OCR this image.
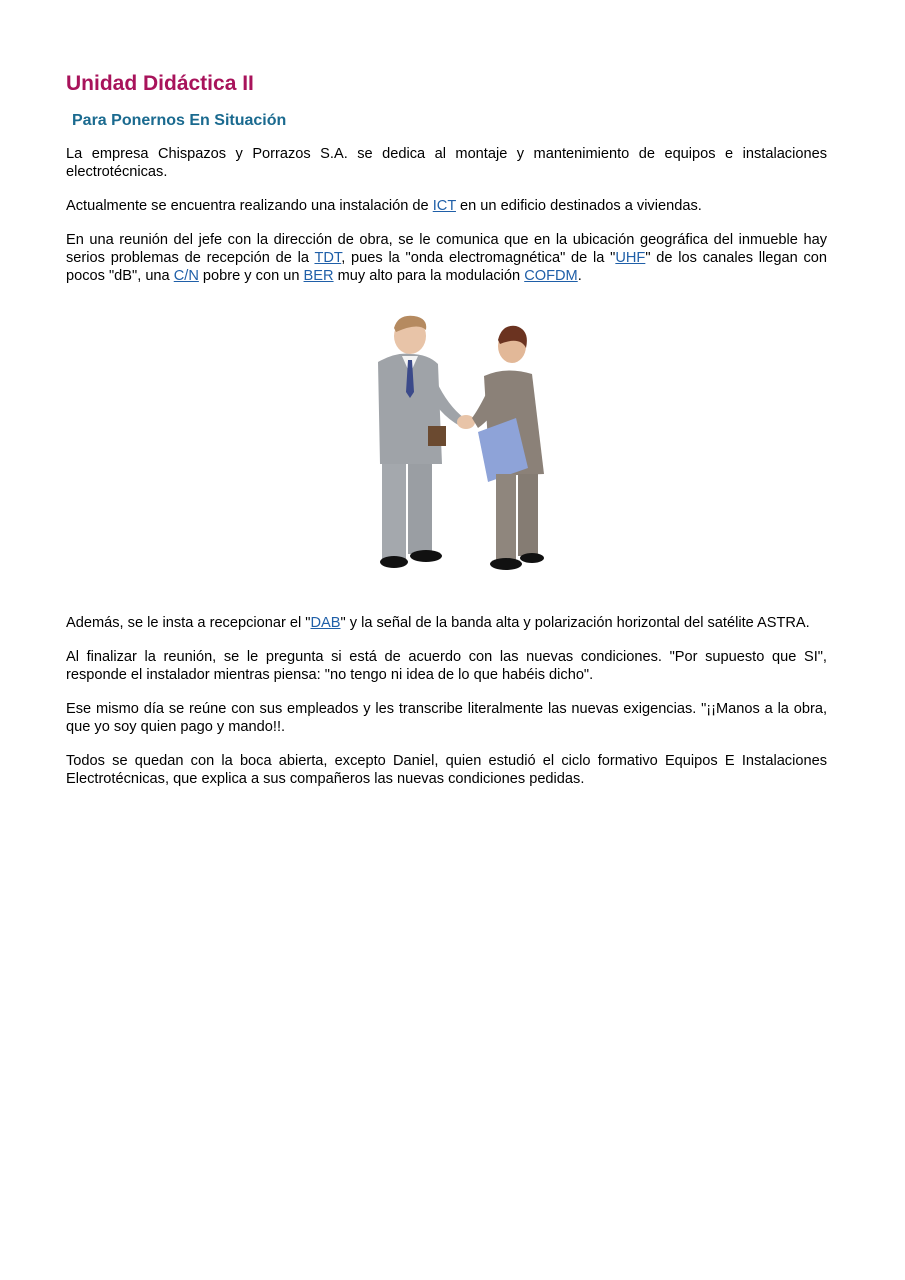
Unidad Didáctica II
Para Ponernos En Situación

La empresa Chispazos y Porrazos S.A. se dedica al montaje y mantenimiento de equipos e instalaciones electrotécnicas.

Actualmente se encuentra realizando una instalación de ICT en un edificio destinados a viviendas.

En una reunión del jefe con la dirección de obra, se le comunica que en la ubicación geográfica del inmueble hay serios problemas de recepción de la TDT, pues la "onda electromagnética" de la "UHF" de los canales llegan con pocos "dB", una C/N pobre y con un BER muy alto para la modulación COFDM.

Además, se le insta a recepcionar el "DAB" y la señal de la banda alta y polarización horizontal del satélite ASTRA.

Al finalizar la reunión, se le pregunta si está de acuerdo con las nuevas condiciones. "Por supuesto que SI", responde el instalador mientras piensa: "no tengo ni idea de lo que habéis dicho".

Ese mismo día se reúne con sus empleados y les transcribe literalmente las nuevas exigencias. "¡¡Manos a la obra, que yo soy quien pago y mando!!.

Todos se quedan con la boca abierta, excepto Daniel, quien estudió el ciclo formativo Equipos E Instalaciones Electrotécnicas, que explica a sus compañeros las nuevas condiciones pedidas.
